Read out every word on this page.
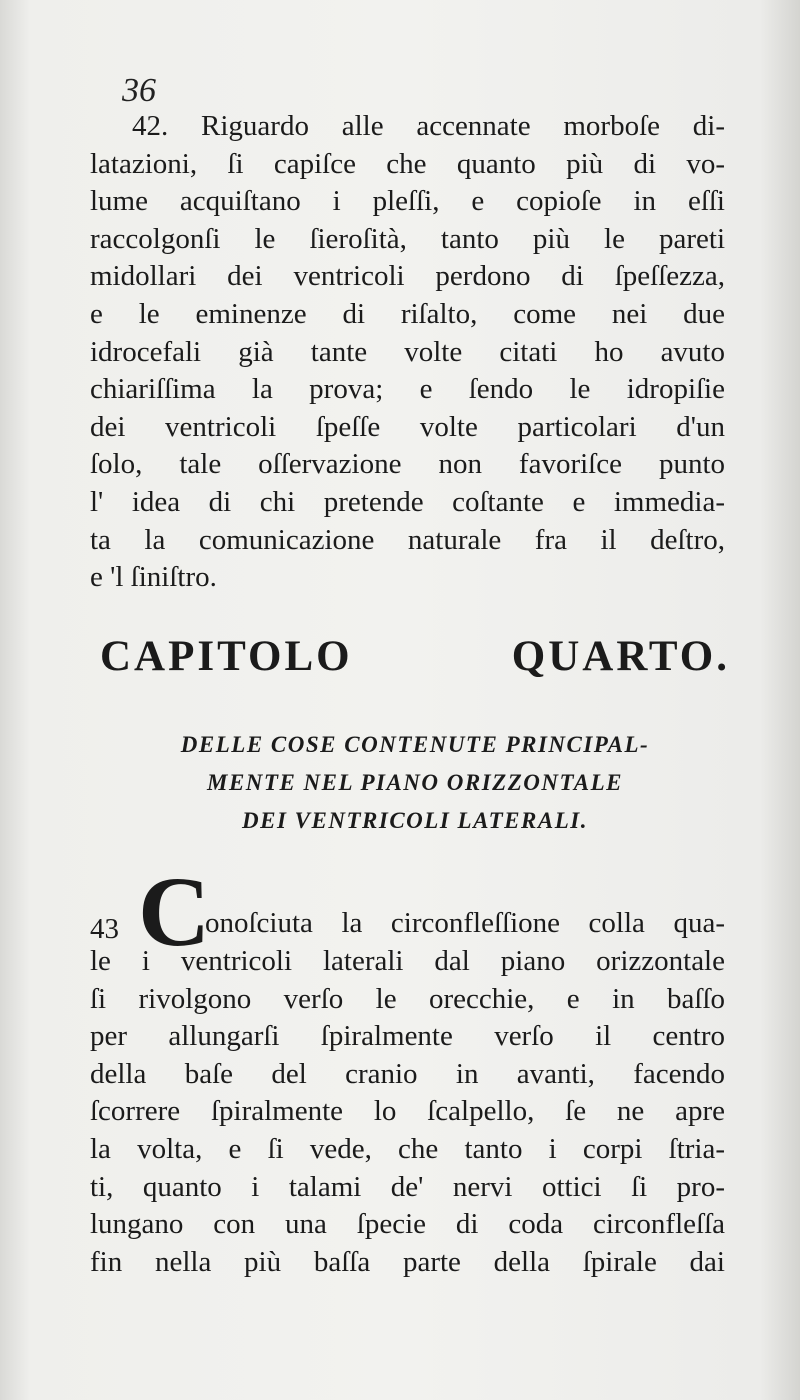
36
42. Riguardo alle accennate morboſe di-
latazioni, ſi capiſce che quanto più di vo-
lume acquiſtano i pleſſi, e copioſe in eſſi
raccolgonſi le ſieroſità, tanto più le pareti
midollari dei ventricoli perdono di ſpeſſezza,
e le eminenze di riſalto, come nei due
idrocefali già tante volte citati ho avuto
chiariſſima la prova; e ſendo le idropiſie
dei ventricoli ſpeſſe volte particolari d'un
ſolo, tale oſſervazione non favoriſce punto
l' idea di chi pretende coſtante e immedia-
ta la comunicazione naturale fra il deſtro,
e 'l ſiniſtro.
CAPITOLO QUARTO.
DELLE COSE CONTENUTE PRINCIPAL-
MENTE NEL PIANO ORIZZONTALE
DEI VENTRICOLI LATERALI.
43 C
onoſciuta la circonfleſſione colla qua-
le i ventricoli laterali dal piano orizzontale
ſi rivolgono verſo le orecchie, e in baſſo
per allungarſi ſpiralmente verſo il centro
della baſe del cranio in avanti, facendo
ſcorrere ſpiralmente lo ſcalpello, ſe ne apre
la volta, e ſi vede, che tanto i corpi ſtria-
ti, quanto i talami de' nervi ottici ſi pro-
lungano con una ſpecie di coda circonfleſſa
fin nella più baſſa parte della ſpirale dai
